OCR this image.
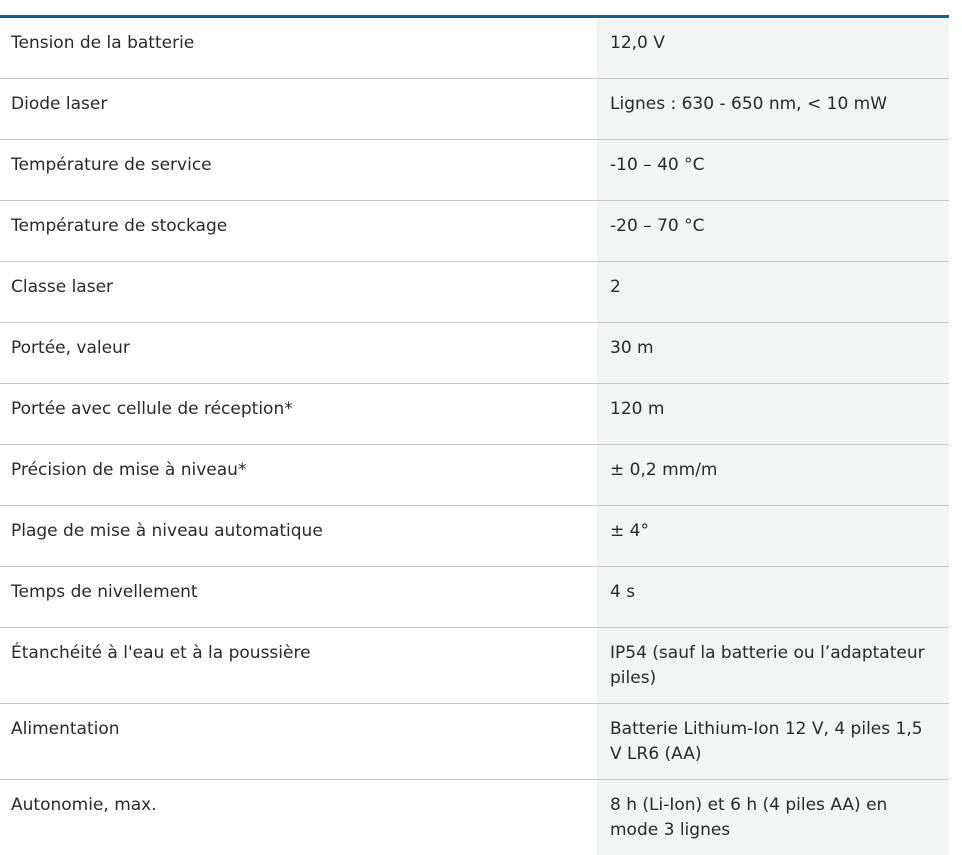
Tension de la batterie	12,0 V
Diode laser	Lignes : 630 - 650 nm, < 10 mW
Température de service	-10 – 40 °C
Température de stockage	-20 – 70 °C
Classe laser	2
Portée, valeur	30 m
Portée avec cellule de réception*	120 m
Précision de mise à niveau*	± 0,2 mm/m
Plage de mise à niveau automatique	± 4°
Temps de nivellement	4 s
Étanchéité à l'eau et à la poussière	IP54 (sauf la batterie ou l’adaptateur piles)
Alimentation	Batterie Lithium-Ion 12 V, 4 piles 1,5 V LR6 (AA)
Autonomie, max.	8 h (Li-Ion) et 6 h (4 piles AA) en mode 3 lignes
